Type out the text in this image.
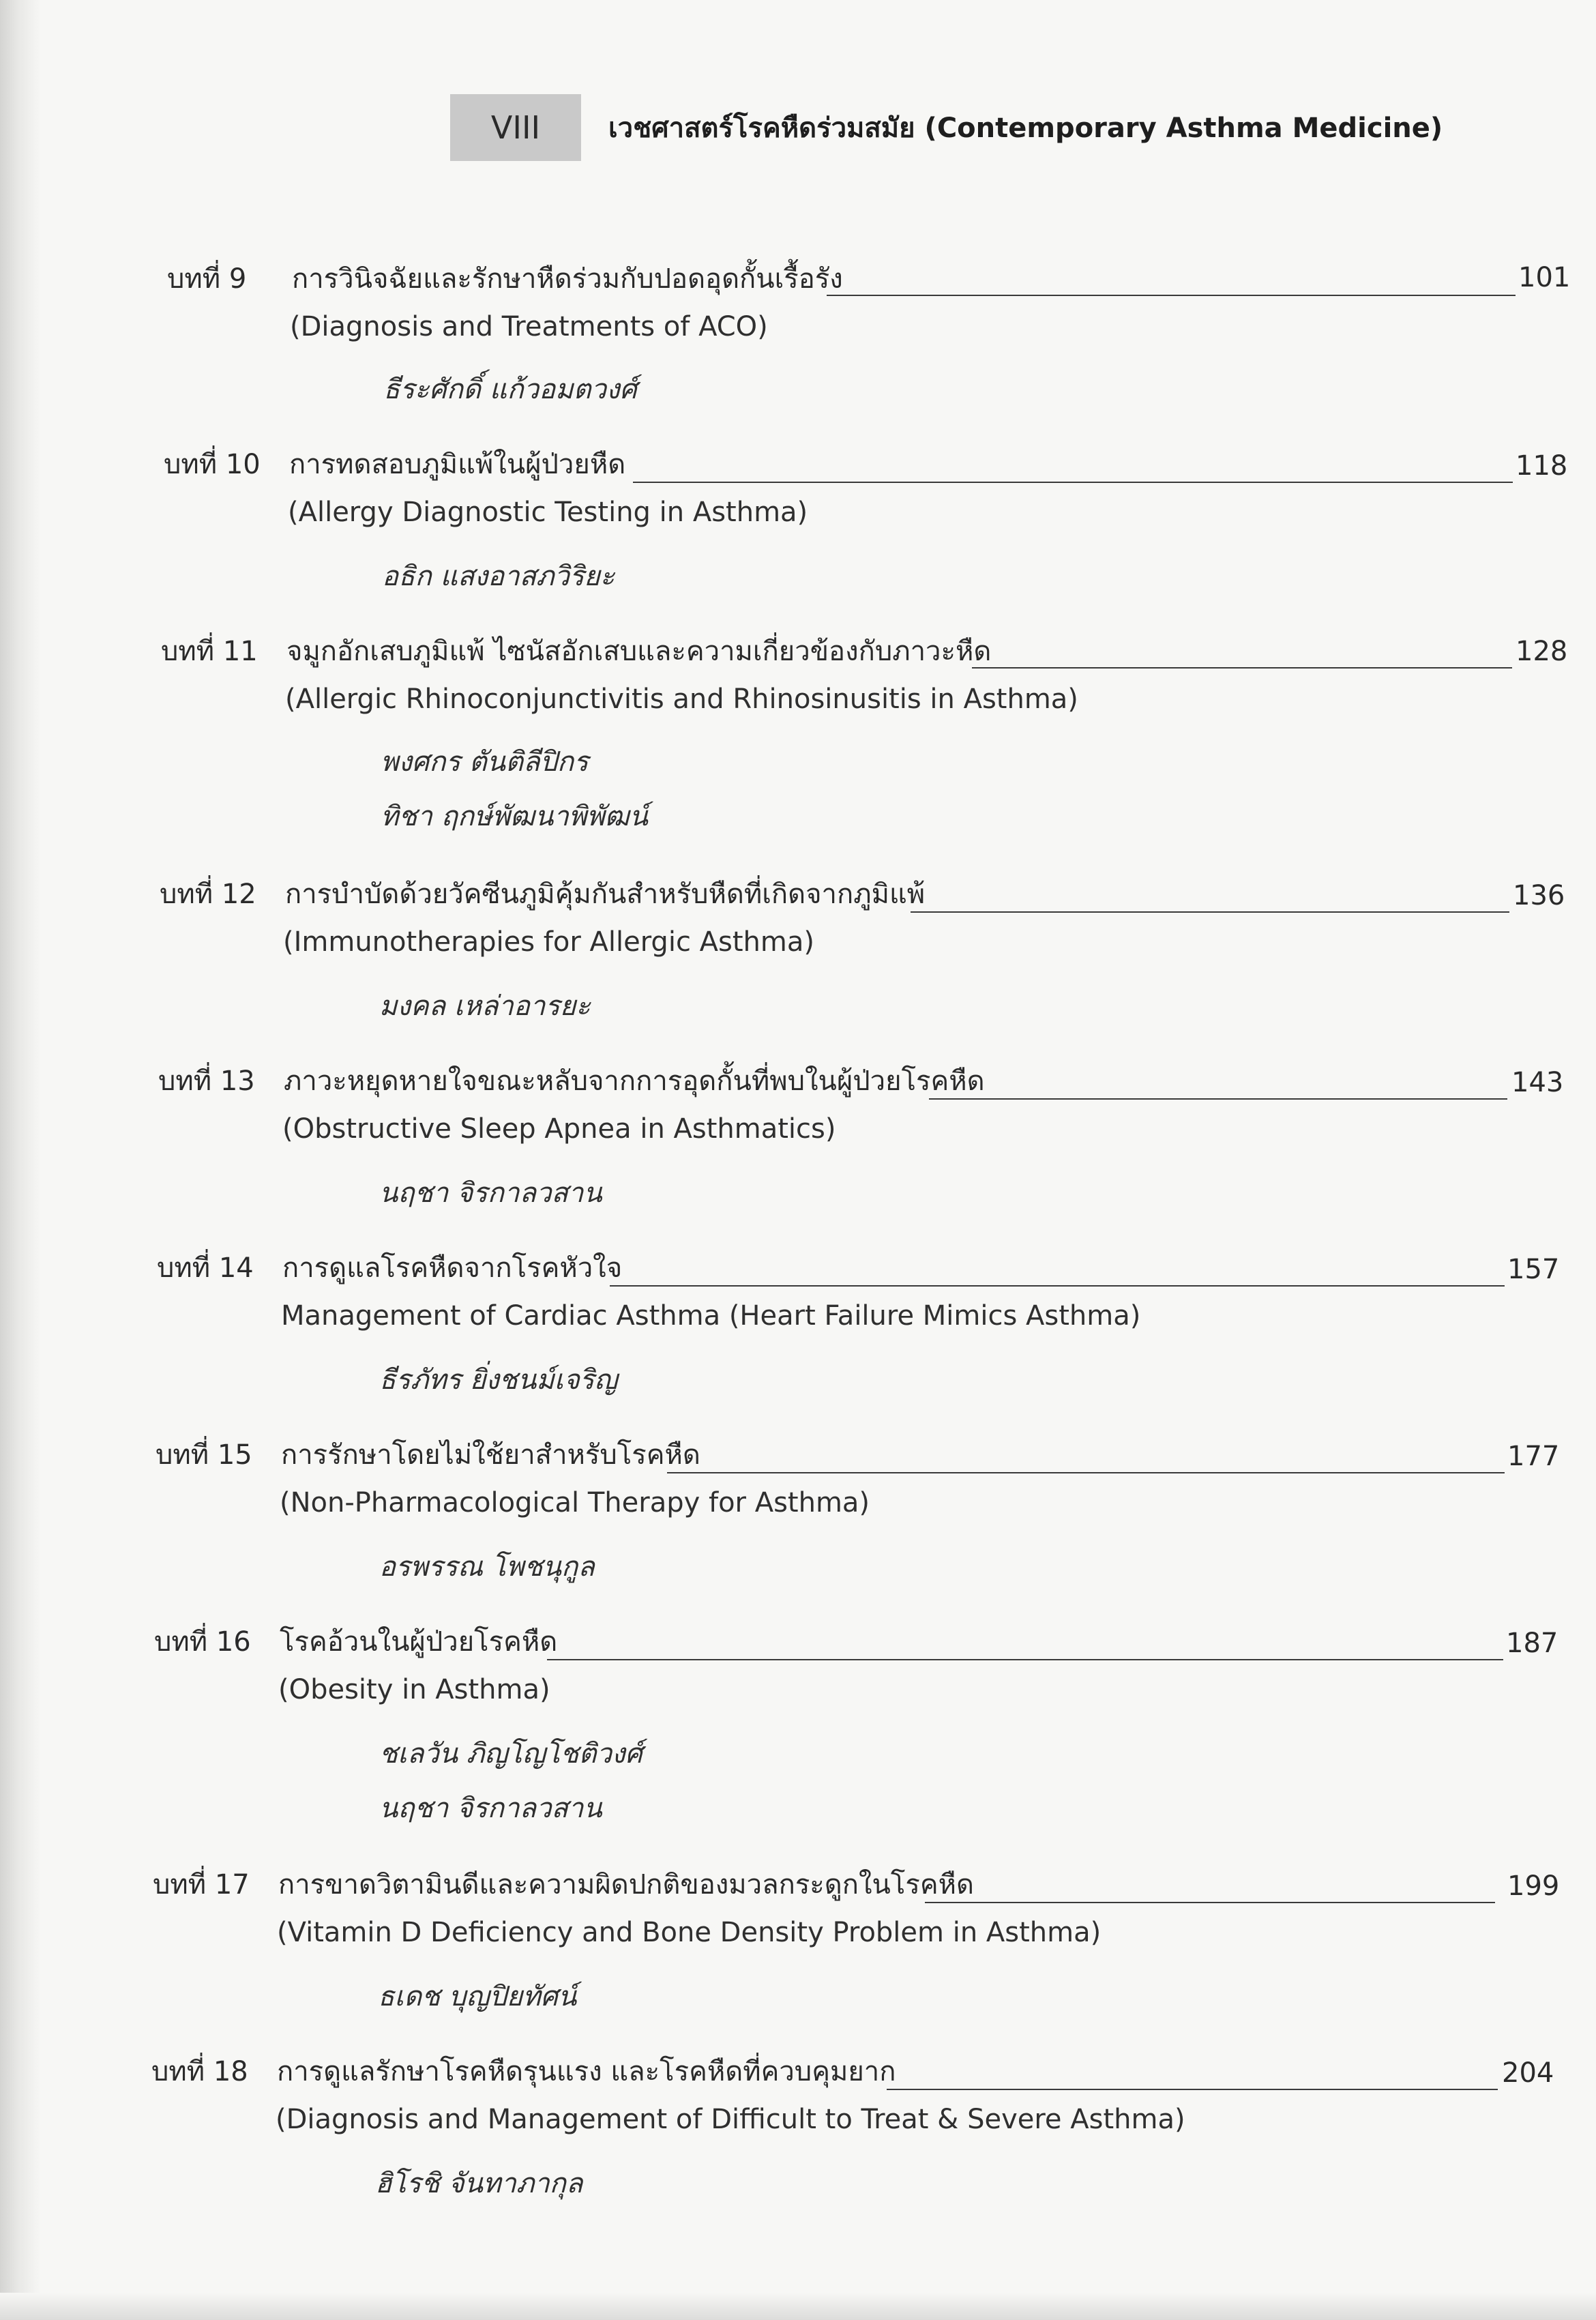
VIII เวชศาสตร์โรคหืดร่วมสมัย (Contemporary Asthma Medicine)
บทที่ 9 การวินิจฉัยและรักษาหืดร่วมกับปอดอุดกั้นเรื้อรัง	101
(Diagnosis and Treatments of ACO)
ธีระศักดิ์ แก้วอมตวงศ์
บทที่ 10 การทดสอบภูมิแพ้ในผู้ป่วยหืด	118
(Allergy Diagnostic Testing in Asthma)
อธิก แสงอาสภวิริยะ
บทที่ 11 จมูกอักเสบภูมิแพ้ ไซนัสอักเสบและความเกี่ยวข้องกับภาวะหืด	128
(Allergic Rhinoconjunctivitis and Rhinosinusitis in Asthma)
พงศกร ตันติลีปิกร
ทิชา ฤกษ์พัฒนาพิพัฒน์
บทที่ 12 การบำบัดด้วยวัคซีนภูมิคุ้มกันสำหรับหืดที่เกิดจากภูมิแพ้	136
(Immunotherapies for Allergic Asthma)
มงคล เหล่าอารยะ
บทที่ 13 ภาวะหยุดหายใจขณะหลับจากการอุดกั้นที่พบในผู้ป่วยโรคหืด	143
(Obstructive Sleep Apnea in Asthmatics)
นฤชา จิรกาลวสาน
บทที่ 14 การดูแลโรคหืดจากโรคหัวใจ	157
Management of Cardiac Asthma (Heart Failure Mimics Asthma)
ธีรภัทร ยิ่งชนม์เจริญ
บทที่ 15 การรักษาโดยไม่ใช้ยาสำหรับโรคหืด	177
(Non-Pharmacological Therapy for Asthma)
อรพรรณ โพชนุกูล
บทที่ 16 โรคอ้วนในผู้ป่วยโรคหืด	187
(Obesity in Asthma)
ชเลวัน ภิญโญโชติวงศ์
นฤชา จิรกาลวสาน
บทที่ 17 การขาดวิตามินดีและความผิดปกติของมวลกระดูกในโรคหืด	199
(Vitamin D Deficiency and Bone Density Problem in Asthma)
ธเดช บุญปิยทัศน์
บทที่ 18 การดูแลรักษาโรคหืดรุนแรง และโรคหืดที่ควบคุมยาก	204
(Diagnosis and Management of Difficult to Treat & Severe Asthma)
ฮิโรชิ จันทาภากุล
